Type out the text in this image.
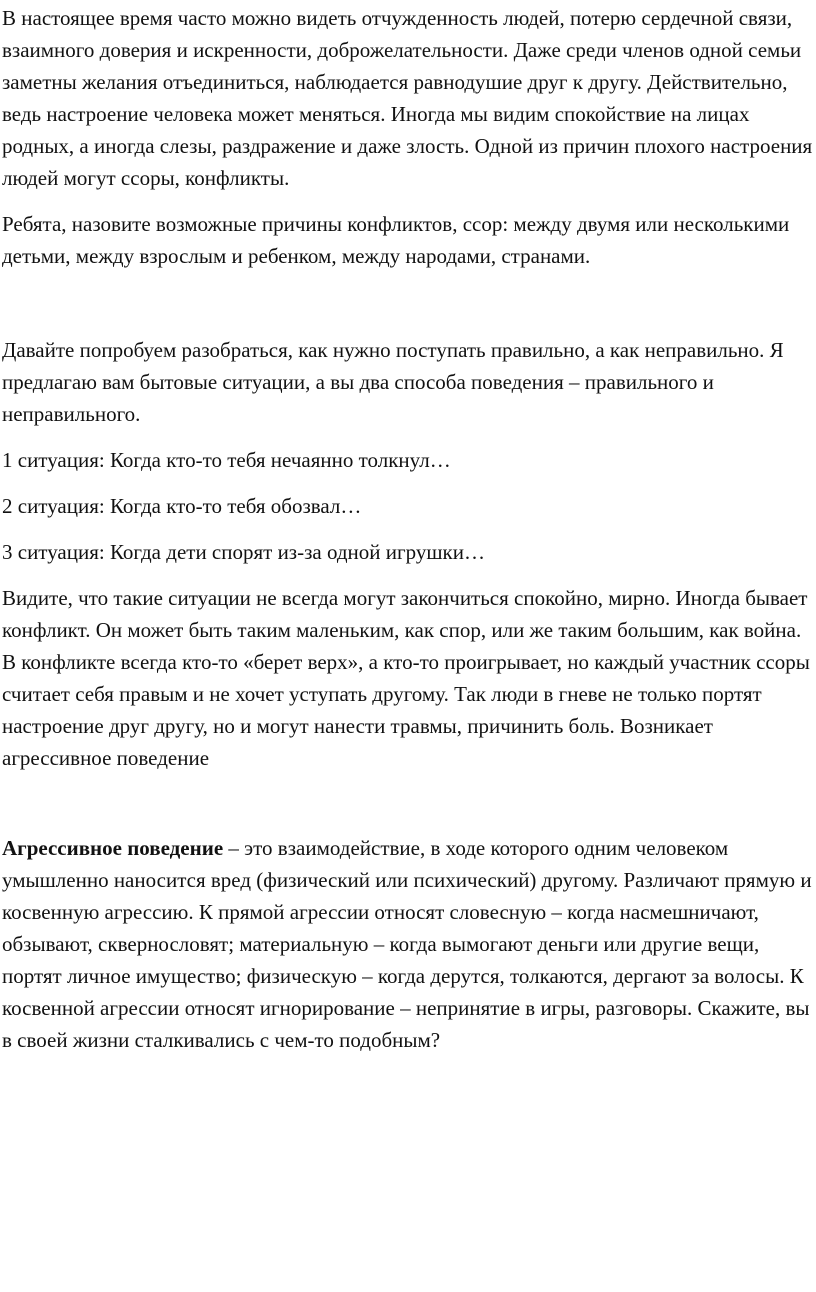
В настоящее время часто можно видеть отчужденность людей, потерю сердечной связи, взаимного доверия и искренности, доброжелательности. Даже среди членов одной семьи заметны желания отъединиться, наблюдается равнодушие друг к другу. Действительно, ведь настроение человека может меняться. Иногда мы видим спокойствие на лицах родных, а иногда слезы, раздражение и даже злость. Одной из причин плохого настроения людей могут ссоры, конфликты.

Ребята, назовите возможные причины конфликтов, ссор: между двумя или несколькими детьми, между взрослым и ребенком, между народами, странами.

Давайте попробуем разобраться, как нужно поступать правильно, а как неправильно. Я предлагаю вам бытовые ситуации, а вы два способа поведения – правильного и неправильного.

1 ситуация: Когда кто-то тебя нечаянно толкнул…

2 ситуация: Когда кто-то тебя обозвал…

3 ситуация: Когда дети спорят из-за одной игрушки…

Видите, что такие ситуации не всегда могут закончиться спокойно, мирно. Иногда бывает конфликт. Он может быть таким маленьким, как спор, или же таким большим, как война. В конфликте всегда кто-то «берет верх», а кто-то проигрывает, но каждый участник ссоры считает себя правым и не хочет уступать другому. Так люди в гневе не только портят настроение друг другу, но и могут нанести травмы, причинить боль. Возникает агрессивное поведение

Агрессивное поведение – это взаимодействие, в ходе которого одним человеком умышленно наносится вред (физический или психический) другому. Различают прямую и косвенную агрессию. К прямой агрессии относят словесную – когда насмешничают, обзывают, сквернословят; материальную – когда вымогают деньги или другие вещи, портят личное имущество; физическую – когда дерутся, толкаются, дергают за волосы. К косвенной агрессии относят игнорирование – непринятие в игры, разговоры. Скажите, вы в своей жизни сталкивались с чем-то подобным?
